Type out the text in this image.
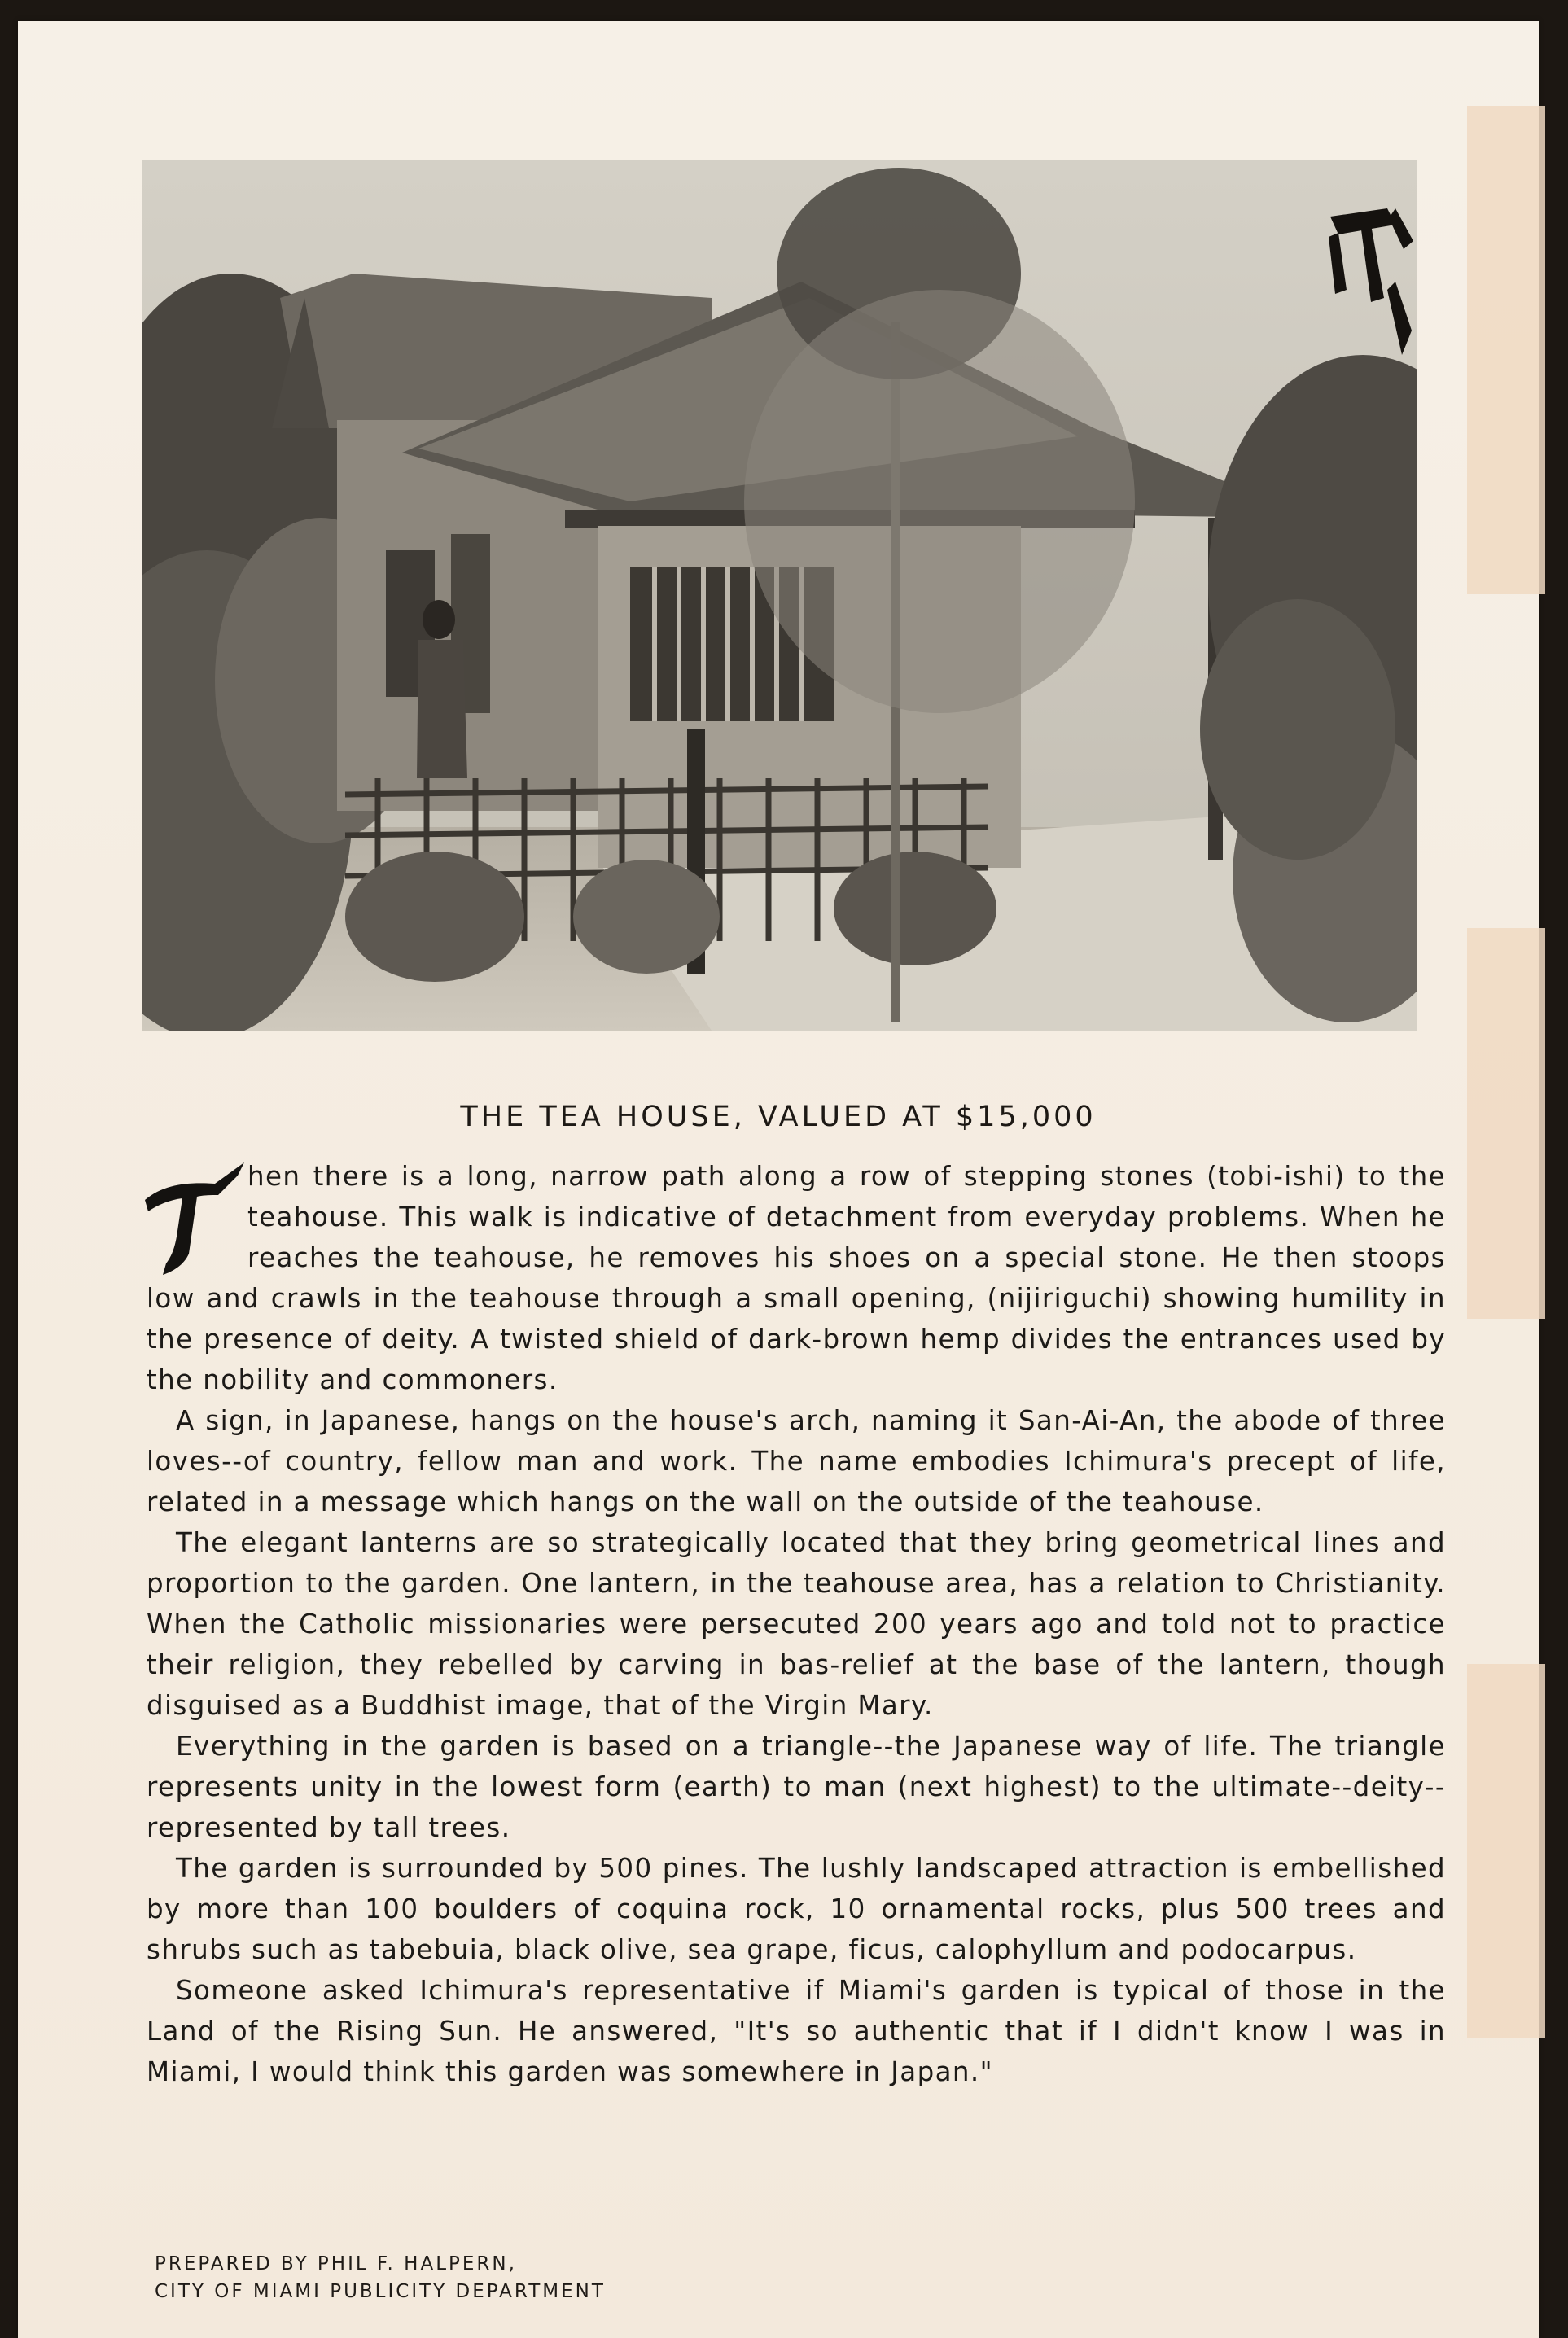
THE TEA HOUSE, VALUED AT $15,000

hen there is a long, narrow path along a row of stepping stones (tobi-ishi) to the teahouse. This walk is indicative of detachment from everyday problems. When he reaches the teahouse, he removes his shoes on a special stone. He then stoops low and crawls in the teahouse through a small opening, (nijiriguchi) showing humility in the presence of deity. A twisted shield of dark-brown hemp divides the entrances used by the nobility and commoners.

A sign, in Japanese, hangs on the house's arch, naming it San-Ai-An, the abode of three loves--of country, fellow man and work. The name embodies Ichimura's precept of life, related in a message which hangs on the wall on the outside of the teahouse.

The elegant lanterns are so strategically located that they bring geometrical lines and proportion to the garden. One lantern, in the teahouse area, has a relation to Christianity. When the Catholic missionaries were persecuted 200 years ago and told not to practice their religion, they rebelled by carving in bas-relief at the base of the lantern, though disguised as a Buddhist image, that of the Virgin Mary.

Everything in the garden is based on a triangle--the Japanese way of life. The triangle represents unity in the lowest form (earth) to man (next highest) to the ultimate--deity--represented by tall trees.

The garden is surrounded by 500 pines. The lushly landscaped attraction is embellished by more than 100 boulders of coquina rock, 10 ornamental rocks, plus 500 trees and shrubs such as tabebuia, black olive, sea grape, ficus, calophyllum and podocarpus.

Someone asked Ichimura's representative if Miami's garden is typical of those in the Land of the Rising Sun. He answered, "It's so authentic that if I didn't know I was in Miami, I would think this garden was somewhere in Japan."

PREPARED BY PHIL F. HALPERN,
CITY OF MIAMI PUBLICITY DEPARTMENT
